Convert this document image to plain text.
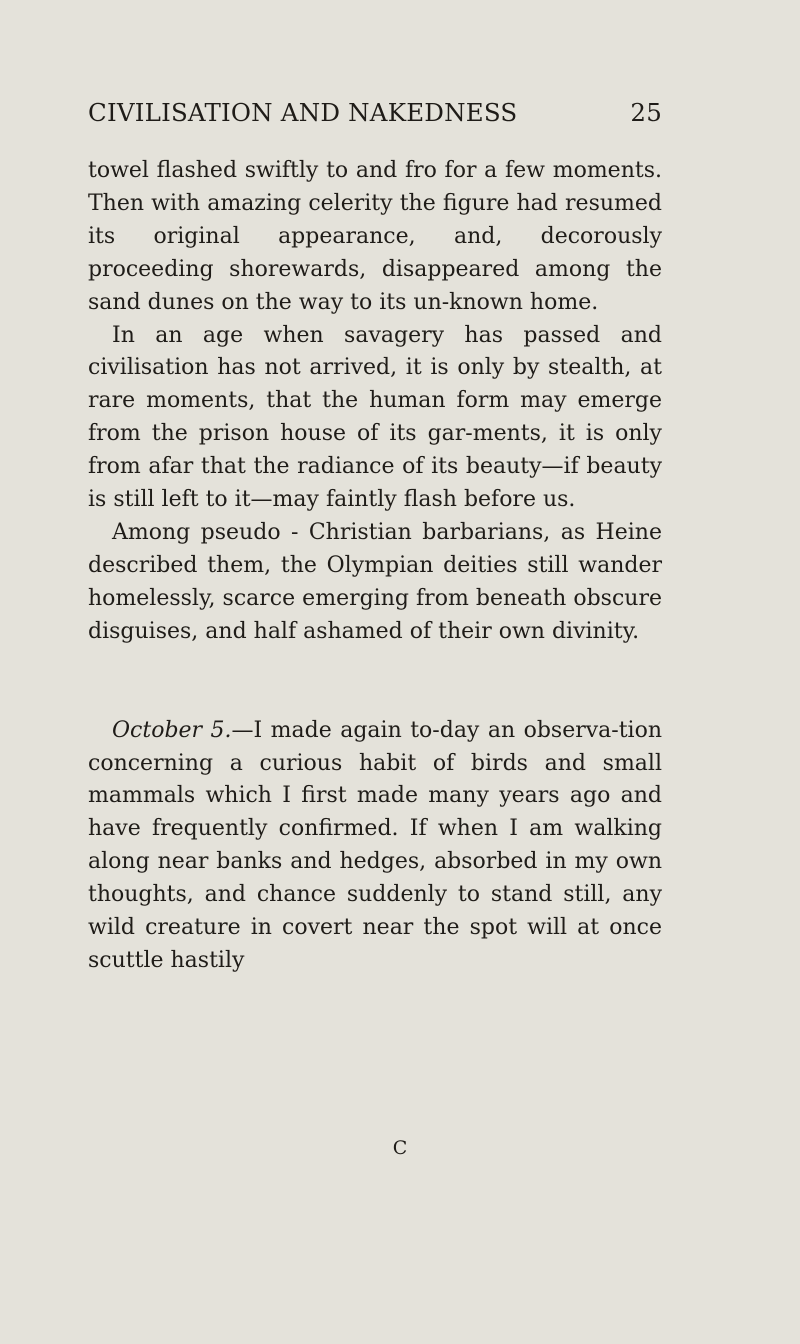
CIVILISATION AND NAKEDNESS	25

towel flashed swiftly to and fro for a few moments. Then with amazing celerity the figure had resumed its original appearance, and, decorously proceeding shorewards, disappeared among the sand dunes on the way to its un-known home.

In an age when savagery has passed and civilisation has not arrived, it is only by stealth, at rare moments, that the human form may emerge from the prison house of its gar-ments, it is only from afar that the radiance of its beauty—if beauty is still left to it—may faintly flash before us.

Among pseudo - Christian barbarians, as Heine described them, the Olympian deities still wander homelessly, scarce emerging from beneath obscure disguises, and half ashamed of their own divinity.

October 5.—I made again to-day an observa-tion concerning a curious habit of birds and small mammals which I first made many years ago and have frequently confirmed. If when I am walking along near banks and hedges, absorbed in my own thoughts, and chance suddenly to stand still, any wild creature in covert near the spot will at once scuttle hastily

C
